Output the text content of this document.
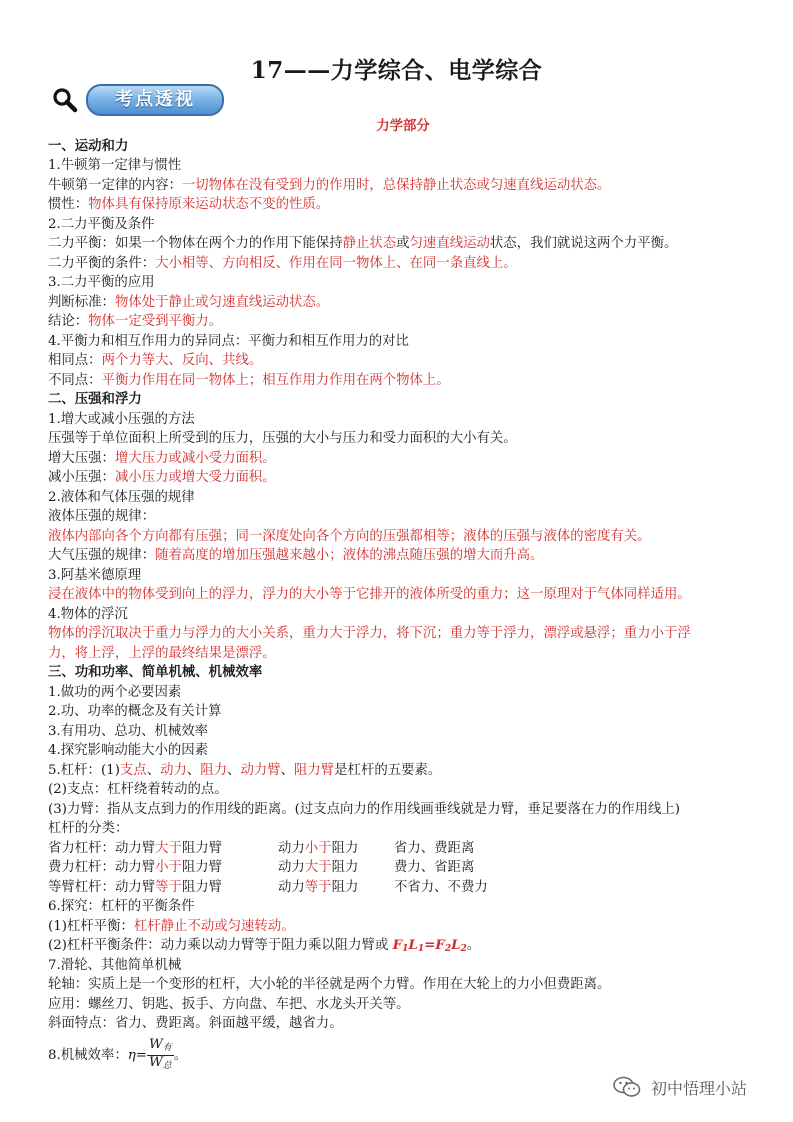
17——力学综合、电学综合
考点透视
力学部分
一、运动和力
1.牛顿第一定律与惯性
牛顿第一定律的内容：一切物体在没有受到力的作用时，总保持静止状态或匀速直线运动状态。
惯性：物体具有保持原来运动状态不变的性质。
2.二力平衡及条件
二力平衡：如果一个物体在两个力的作用下能保持静止状态或匀速直线运动状态，我们就说这两个力平衡。
二力平衡的条件：大小相等、方向相反、作用在同一物体上、在同一条直线上。
3.二力平衡的应用
判断标准：物体处于静止或匀速直线运动状态。
结论：物体一定受到平衡力。
4.平衡力和相互作用力的异同点：平衡力和相互作用力的对比
相同点：两个力等大、反向、共线。
不同点：平衡力作用在同一物体上；相互作用力作用在两个物体上。
二、压强和浮力
1.增大或减小压强的方法
压强等于单位面积上所受到的压力，压强的大小与压力和受力面积的大小有关。
增大压强：增大压力或减小受力面积。
减小压强：减小压力或增大受力面积。
2.液体和气体压强的规律
液体压强的规律：
液体内部向各个方向都有压强；同一深度处向各个方向的压强都相等；液体的压强与液体的密度有关。
大气压强的规律：随着高度的增加压强越来越小；液体的沸点随压强的增大而升高。
3.阿基米德原理
浸在液体中的物体受到向上的浮力，浮力的大小等于它排开的液体所受的重力；这一原理对于气体同样适用。
4.物体的浮沉
物体的浮沉取决于重力与浮力的大小关系，重力大于浮力，将下沉；重力等于浮力，漂浮或悬浮；重力小于浮
力，将上浮，上浮的最终结果是漂浮。
三、功和功率、简单机械、机械效率
1.做功的两个必要因素
2.功、功率的概念及有关计算
3.有用功、总功、机械效率
4.探究影响动能大小的因素
5.杠杆：(1)支点、动力、阻力、动力臂、阻力臂是杠杆的五要素。
(2)支点：杠杆绕着转动的点。
(3)力臂：指从支点到力的作用线的距离。(过支点向力的作用线画垂线就是力臂，垂足要落在力的作用线上)
杠杆的分类：
省力杠杆：动力臂大于阻力臂	动力小于阻力	省力、费距离
费力杠杆：动力臂小于阻力臂	动力大于阻力	费力、省距离
等臂杠杆：动力臂等于阻力臂	动力等于阻力	不省力、不费力
6.探究：杠杆的平衡条件
(1)杠杆平衡：杠杆静止不动或匀速转动。
(2)杠杆平衡条件：动力乘以动力臂等于阻力乘以阻力臂或 $F_1L_1=F_2L_2$。
7.滑轮、其他简单机械
轮轴：实质上是一个变形的杠杆，大小轮的半径就是两个力臂。作用在大轮上的力小但费距离。
应用：螺丝刀、钥匙、扳手、方向盘、车把、水龙头开关等。
斜面特点：省力、费距离。斜面越平缓，越省力。
8.机械效率：$\eta= \frac{W_有}{W_总}$ 。
初中悟理小站
